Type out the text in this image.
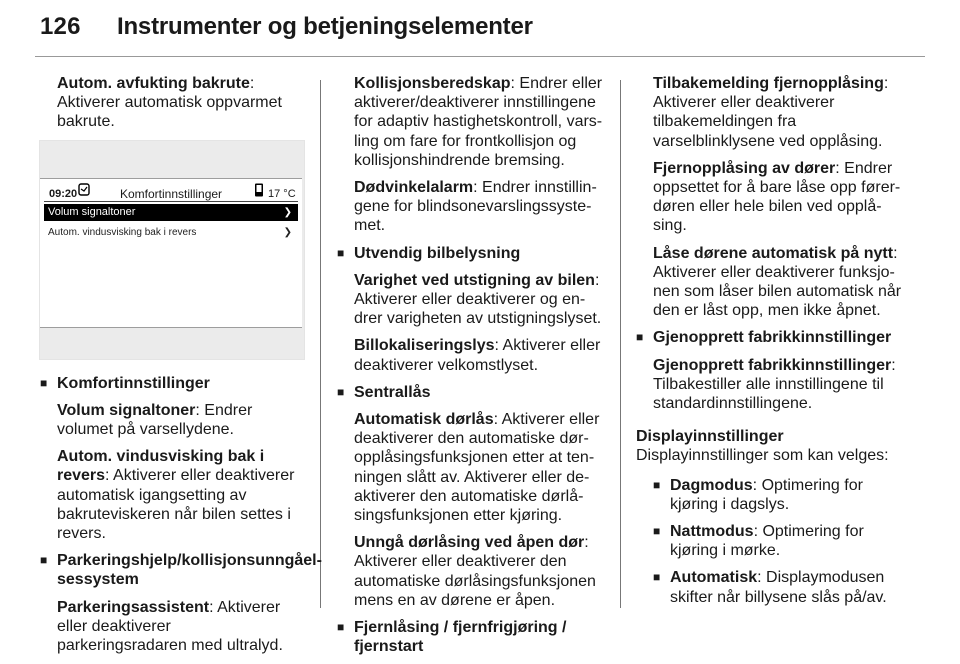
126 Instrumenter og betjeningselementer

Autom. avfukting bakrute: Aktiverer automatisk oppvarmet bakrute.

09:20	Komfortinnstillinger	17 °C
Volum signaltoner	❯
Autom. vindusvisking bak i revers	❯
■ Komfortinnstillinger

Volum signaltoner: Endrer volumet på varsellydene.

Autom. vindusvisking bak i revers: Aktiverer eller deaktiverer automatisk igangsetting av bakruteviskeren når bilen settes i revers.

■ Parkeringshjelp/kollisjonsunngåelsessystem

Parkeringsassistent: Aktiverer eller deaktiverer parkeringsradaren med ultralyd.

Kollisjonsberedskap: Endrer eller aktiverer/deaktiverer innstillingene for adaptiv hastighetskontroll, varsling om fare for frontkollisjon og kollisjonshindrende bremsing.

Dødvinkelalarm: Endrer innstillingene for blindsonevarslingssystemet.

■ Utvendig bilbelysning

Varighet ved utstigning av bilen: Aktiverer eller deaktiverer og endrer varigheten av utstigningslyset.

Billokaliseringslys: Aktiverer eller deaktiverer velkomstlyset.

■ Sentrallås

Automatisk dørlås: Aktiverer eller deaktiverer den automatiske døropplåsingsfunksjonen etter at tenningen slått av. Aktiverer eller deaktiverer den automatiske dørlåsingsfunksjonen etter kjøring.

Unngå dørlåsing ved åpen dør: Aktiverer eller deaktiverer den automatiske dørlåsingsfunksjonen mens en av dørene er åpen.

■ Fjernlåsing / fjernfrigjøring / fjernstart

Tilbakemelding fjernopplåsing: Aktiverer eller deaktiverer tilbakemeldingen fra varselblinklysene ved opplåsing.

Fjernopplåsing av dører: Endrer oppsettet for å bare låse opp førerdøren eller hele bilen ved opplåsing.

Låse dørene automatisk på nytt: Aktiverer eller deaktiverer funksjonen som låser bilen automatisk når den er låst opp, men ikke åpnet.

■ Gjenopprett fabrikkinnstillinger

Gjenopprett fabrikkinnstillinger: Tilbakestiller alle innstillingene til standardinnstillingene.

Displayinnstillinger

Displayinnstillinger som kan velges:

■ Dagmodus: Optimering for kjøring i dagslys.
■ Nattmodus: Optimering for kjøring i mørke.
■ Automatisk: Displaymodusen skifter når billysene slås på/av.
